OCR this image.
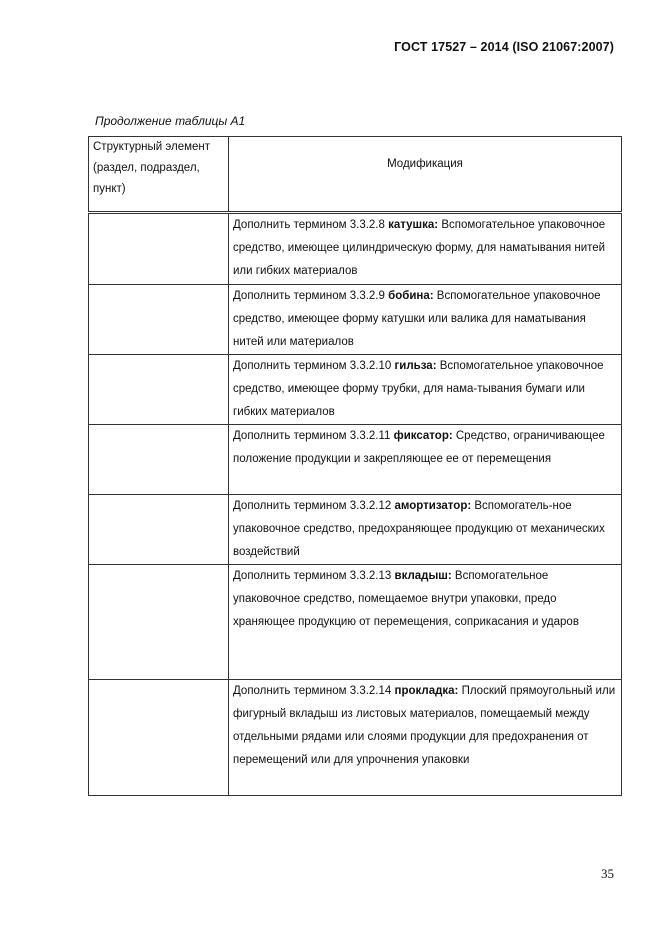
ГОСТ 17527 – 2014 (ISO 21067:2007)
Продолжение таблицы А1
Структурный элемент (раздел, подраздел, пункт)	Модификация
	Дополнить термином 3.3.2.8 катушка: Вспомогательное упаковочное средство, имеющее цилиндрическую форму, для наматывания нитей или гибких материалов
	Дополнить термином 3.3.2.9 бобина: Вспомогательное упаковочное средство, имеющее форму катушки или валика для наматывания нитей или материалов
	Дополнить термином 3.3.2.10 гильза: Вспомогательное упаковочное средство, имеющее форму трубки, для нама-тывания бумаги или гибких материалов
	Дополнить термином 3.3.2.11 фиксатор: Средство, ограничивающее положение продукции и закрепляющее ее от перемещения
	Дополнить термином 3.3.2.12 амортизатор: Вспомогатель-ное упаковочное средство, предохраняющее продукцию от механических воздействий
	Дополнить термином 3.3.2.13 вкладыш: Вспомогательное упаковочное средство, помещаемое внутри упаковки, предо храняющее продукцию от перемещения, соприкасания и ударов
	Дополнить термином 3.3.2.14 прокладка: Плоский прямоугольный или фигурный вкладыш из листовых материалов, помещаемый между отдельными рядами или слоями продукции для предохранения от перемещений или для упрочнения упаковки
35
